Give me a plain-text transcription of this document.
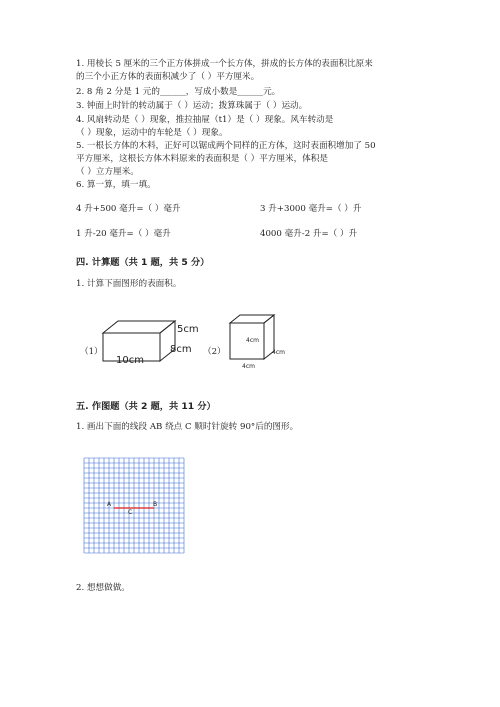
1. 用棱长 5 厘米的三个正方体拼成一个长方体，拼成的长方体的表面积比原来
的三个小正方体的表面积减少了（ ）平方厘米。
2. 8 角 2 分是 1 元的______，写成小数是______元。
3. 钟面上时针的转动属于（ ）运动；拨算珠属于（ ）运动。
4. 风扇转动是（ ）现象，推拉抽屉（t1）是（ ）现象。风车转动是
（ ）现象，运动中的车轮是（ ）现象。
5. 一根长方体的木料，正好可以锯成两个同样的正方体，这时表面积增加了 50
平方厘米，这根长方体木料原来的表面积是（ ）平方厘米，体积是
（ ）立方厘米。
6. 算一算，填一填。
4 升+500 毫升=（ ）毫升	3 升+3000 毫升=（ ）升
1 升-20 毫升=（ ）毫升	4000 毫升-2 升=（ ）升
四. 计算题（共 1 题，共 5 分）
1. 计算下面图形的表面积。
（1）
5cm
8cm
10cm
（2）
4cm
4cm
4cm
五. 作图题（共 2 题，共 11 分）
1. 画出下面的线段 AB 绕点 C 顺时针旋转 90°后的图形。
A	B
C
2. 想想做做。
